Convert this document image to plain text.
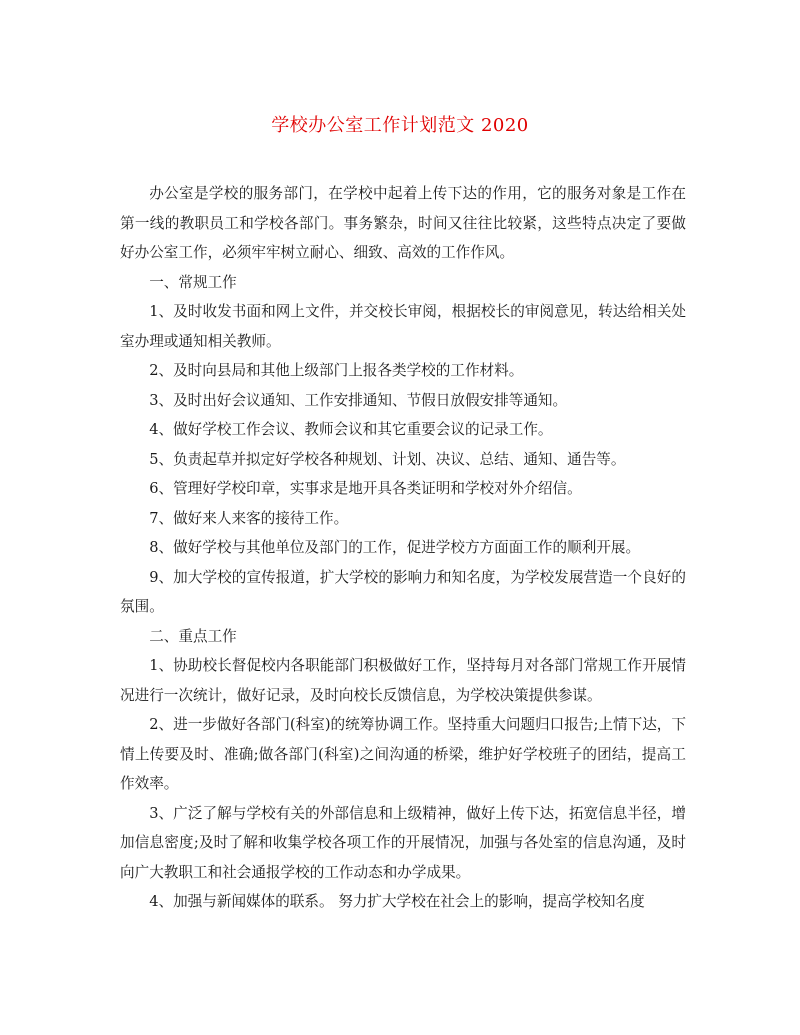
学校办公室工作计划范文 2020

办公室是学校的服务部门，在学校中起着上传下达的作用，它的服务对象是工作在第一线的教职员工和学校各部门。事务繁杂，时间又往往比较紧，这些特点决定了要做好办公室工作，必须牢牢树立耐心、细致、高效的工作作风。

一、常规工作

1、及时收发书面和网上文件，并交校长审阅，根据校长的审阅意见，转达给相关处室办理或通知相关教师。

2、及时向县局和其他上级部门上报各类学校的工作材料。

3、及时出好会议通知、工作安排通知、节假日放假安排等通知。

4、做好学校工作会议、教师会议和其它重要会议的记录工作。

5、负责起草并拟定好学校各种规划、计划、决议、总结、通知、通告等。

6、管理好学校印章，实事求是地开具各类证明和学校对外介绍信。

7、做好来人来客的接待工作。

8、做好学校与其他单位及部门的工作，促进学校方方面面工作的顺利开展。

9、加大学校的宣传报道，扩大学校的影响力和知名度，为学校发展营造一个良好的氛围。

二、重点工作

1、协助校长督促校内各职能部门积极做好工作，坚持每月对各部门常规工作开展情况进行一次统计，做好记录，及时向校长反馈信息，为学校决策提供参谋。

2、进一步做好各部门(科室)的统筹协调工作。坚持重大问题归口报告;上情下达，下情上传要及时、准确;做各部门(科室)之间沟通的桥梁，维护好学校班子的团结，提高工作效率。

3、广泛了解与学校有关的外部信息和上级精神，做好上传下达，拓宽信息半径，增加信息密度;及时了解和收集学校各项工作的开展情况，加强与各处室的信息沟通，及时向广大教职工和社会通报学校的工作动态和办学成果。

4、加强与新闻媒体的联系。 努力扩大学校在社会上的影响，提高学校知名度
